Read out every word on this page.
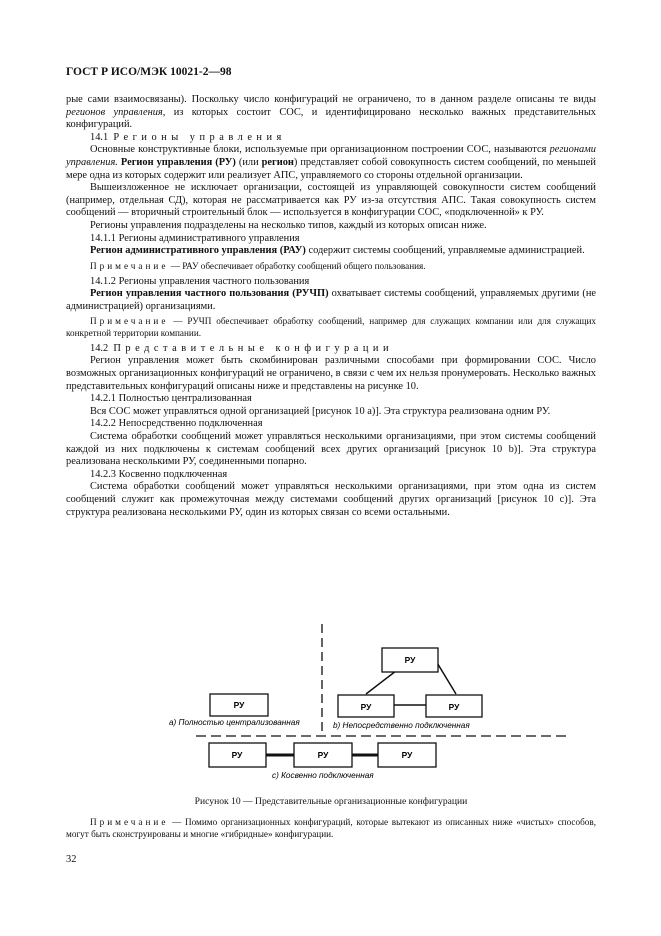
ГОСТ Р ИСО/МЭК 10021-2—98

рые сами взаимосвязаны). Поскольку число конфигураций не ограничено, то в данном разделе описаны те виды регионов управления, из которых состоит СОС, и идентифицировано несколько важных представительных конфигураций.

14.1 Регионы управления

Основные конструктивные блоки, используемые при организационном построении СОС, называются регионами управления. Регион управления (РУ) (или регион) представляет собой совокупность систем сообщений, по меньшей мере одна из которых содержит или реализует АПС, управляемого со стороны отдельной организации.

Вышеизложенное не исключает организации, состоящей из управляющей совокупности систем сообщений (например, отдельная СД), которая не рассматривается как РУ из-за отсутствия АПС. Такая совокупность систем сообщений — вторичный строительный блок — используется в конфигурации СОС, «подключенной» к РУ.

Регионы управления подразделены на несколько типов, каждый из которых описан ниже.

14.1.1 Регионы административного управления

Регион административного управления (РАУ) содержит системы сообщений, управляемые администрацией.

Примечание — РАУ обеспечивает обработку сообщений общего пользования.

14.1.2 Регионы управления частного пользования

Регион управления частного пользования (РУЧП) охватывает системы сообщений, управляемых другими (не администрацией) организациями.

Примечание — РУЧП обеспечивает обработку сообщений, например для служащих компании или для служащих конкретной территории компании.

14.2 Представительные конфигурации

Регион управления может быть скомбинирован различными способами при формировании СОС. Число возможных организационных конфигураций не ограничено, в связи с чем их нельзя пронумеровать. Несколько важных представительных конфигураций описаны ниже и представлены на рисунке 10.

14.2.1 Полностью централизованная

Вся СОС может управляться одной организацией [рисунок 10 а)]. Эта структура реализована одним РУ.

14.2.2 Непосредственно подключенная

Система обработки сообщений может управляться несколькими организациями, при этом системы сообщений каждой из них подключены к системам сообщений всех других организаций [рисунок 10 b)]. Эта структура реализована несколькими РУ, соединенными попарно.

14.2.3 Косвенно подключенная

Система обработки сообщений может управляться несколькими организациями, при этом одна из систем сообщений служит как промежуточная между системами сообщений других организаций [рисунок 10 с)]. Эта структура реализована несколькими РУ, один из которых связан со всеми остальными.

РУ
а) Полностью централизованная
РУ
РУ	РУ
b) Непосредственно подключенная
РУ	РУ	РУ
с) Косвенно подключенная
Рисунок 10 — Представительные организационные конфигурации

Примечание — Помимо организационных конфигураций, которые вытекают из описанных ниже «чистых» способов, могут быть сконструированы и многие «гибридные» конфигурации.

32
